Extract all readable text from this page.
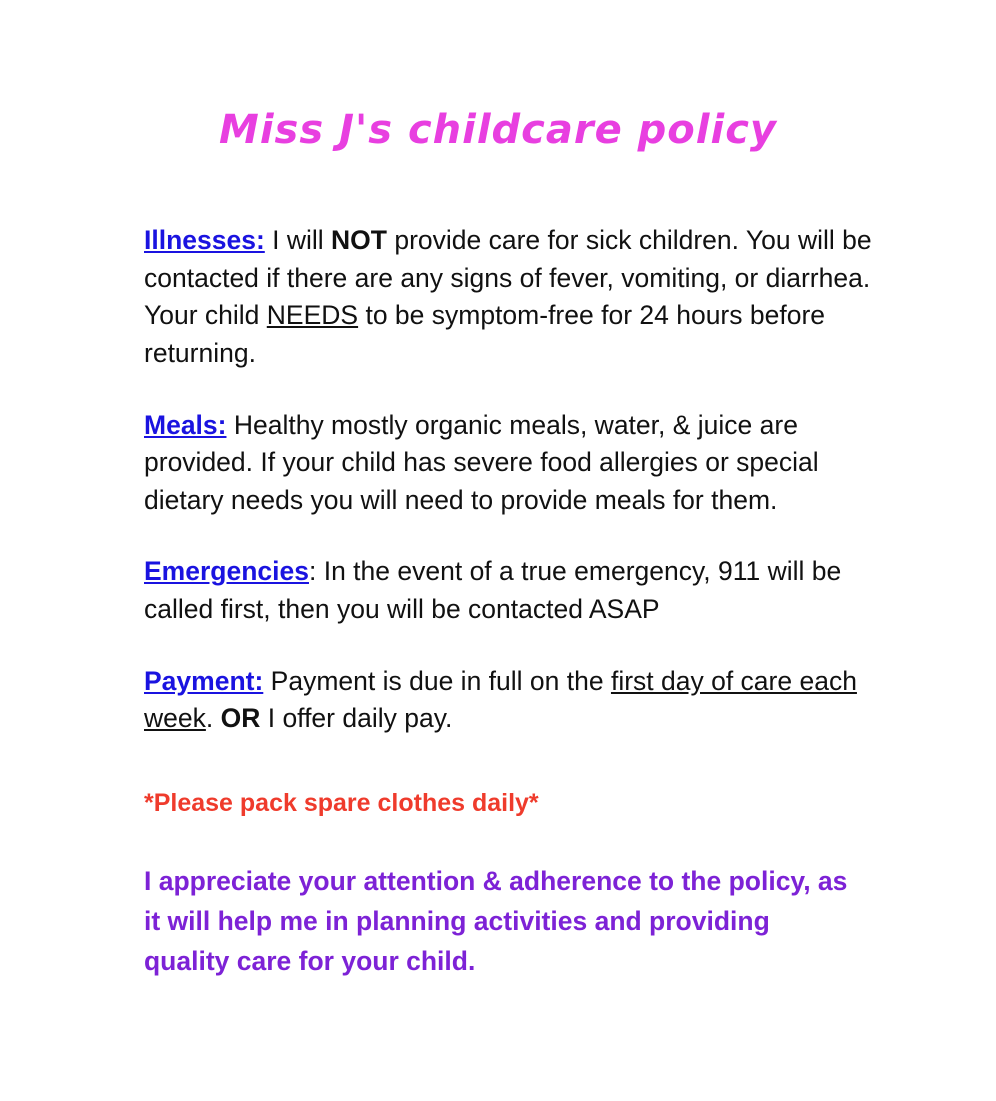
Miss J's childcare policy

Illnesses: I will NOT provide care for sick children. You will be contacted if there are any signs of fever, vomiting, or diarrhea. Your child NEEDS to be symptom-free for 24 hours before returning.

Meals: Healthy mostly organic meals, water, & juice are provided. If your child has severe food allergies or special dietary needs you will need to provide meals for them.

Emergencies: In the event of a true emergency, 911 will be called first, then you will be contacted ASAP

Payment: Payment is due in full on the first day of care each week. OR I offer daily pay.

*Please pack spare clothes daily*

I appreciate your attention & adherence to the policy, as it will help me in planning activities and providing quality care for your child.
